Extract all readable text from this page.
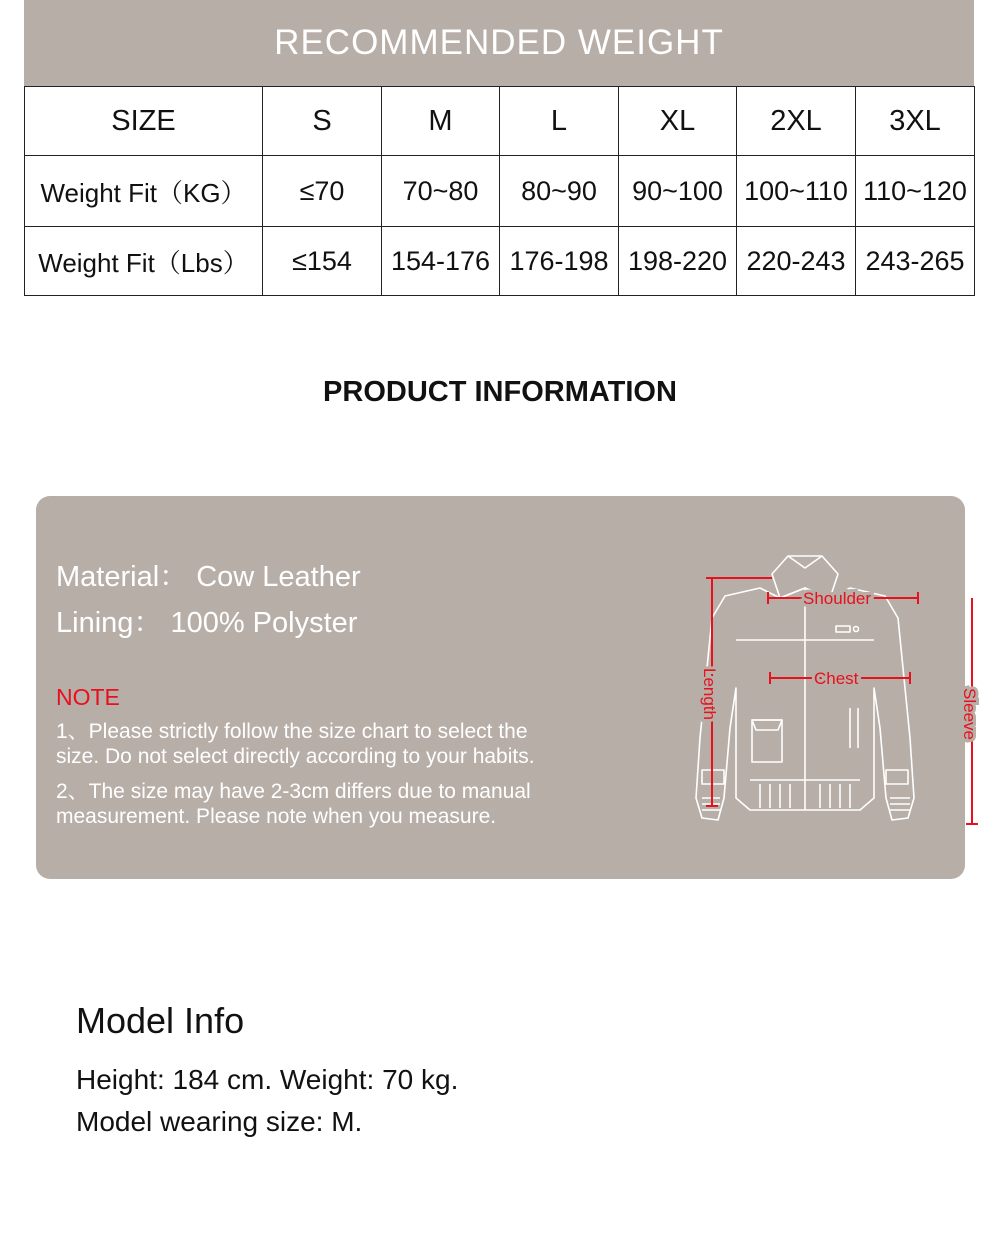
RECOMMENDED WEIGHT
SIZE	S	M	L	XL	2XL	3XL
Weight Fit（KG）	≤70	70~80	80~90	90~100	100~110	110~120
Weight Fit（Lbs）	≤154	154-176	176-198	198-220	220-243	243-265
PRODUCT INFORMATION
Material： Cow Leather
Lining： 100% Polyster
NOTE
1、Please strictly follow the size chart to select the
size. Do not select directly according to your habits.
2、The size may have 2-3cm differs due to manual
measurement. Please note when you measure.
Shoulder
Chest
Length	Sleeve
Model Info
Height: 184 cm. Weight: 70 kg.
Model wearing size: M.
